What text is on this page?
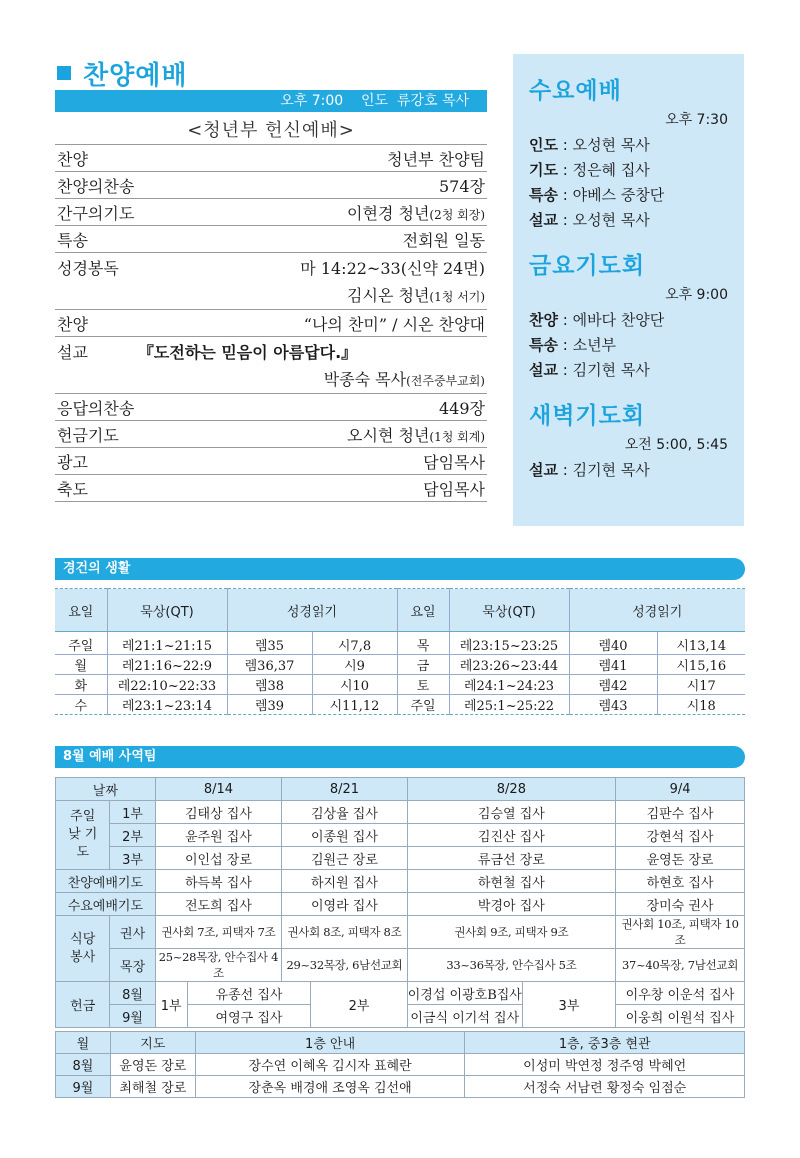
찬양예배
오후 7:00    인도  류강호 목사
<청년부 헌신예배>
찬양	청년부 찬양팀
찬양의찬송	574장
간구의기도	이현경 청년(2청 회장)
특송	전회원 일동
성경봉독	마 14:22~33(신약 24면)
김시온 청년(1청 서기)
찬양	“나의 찬미” / 시온 찬양대
설교	『도전하는 믿음이 아름답다.』
박종숙 목사(전주중부교회)
응답의찬송	449장
헌금기도	오시현 청년(1청 회계)
광고	담임목사
축도	담임목사
수요예배
오후 7:30
인도 : 오성현 목사
기도 : 정은혜 집사
특송 : 야베스 중창단
설교 : 오성현 목사
금요기도회
오후 9:00
찬양 : 에바다 찬양단
특송 : 소년부
설교 : 김기현 목사
새벽기도회
오전 5:00, 5:45
설교 : 김기현 목사
경건의 생활
요일	묵상(QT)	성경읽기		요일	묵상(QT)	성경읽기	
주일	레21:1~21:15	렘35	시7,8	목	레23:15~23:25	렘40	시13,14
월	레21:16~22:9	렘36,37	시9	금	레23:26~23:44	렘41	시15,16
화	레22:10~22:33	렘38	시10	토	레24:1~24:23	렘42	시17
수	레23:1~23:14	렘39	시11,12	주일	레25:1~25:22	렘43	시18
8월 예배 사역팀
날짜		8/14		8/21		8/28		9/4
주일낮 기도	1부	김태상 집사		김상율 집사		김승열 집사		김판수 집사
	2부	윤주원 집사		이종원 집사		김진산 집사		강현석 집사
	3부	이인섭 장로		김원근 장로		류금선 장로		윤영돈 장로
찬양예배기도		하득복 집사		하지원 집사		하현철 집사		하현호 집사
수요예배기도		전도희 집사		이영라 집사		박경아 집사		장미숙 권사
식당 봉사	권사	권사회 7조, 피택자 7조		권사회 8조, 피택자 8조		권사회 9조, 피택자 9조		권사회 10조, 피택자 10조
	목장	25~28목장, 안수집사 4조		29~32목장, 6남선교회		33~36목장, 안수집사 5조		37~40목장, 7남선교회
헌금	8월	1부	유종선 집사		2부	이경섭 이광호B집사	3부	이우창 이운석 집사
	9월		여영구 집사			이금식 이기석 집사		이웅희 이원석 집사
월	지도	1층 안내	1층, 중3층 현관
8월	윤영돈 장로	장수연 이혜옥 김시자 표혜란	이성미 박연정 정주영 박혜언
9월	최해철 장로	장춘옥 배경애 조영옥 김선애	서정숙 서남련 황정숙 임점순
